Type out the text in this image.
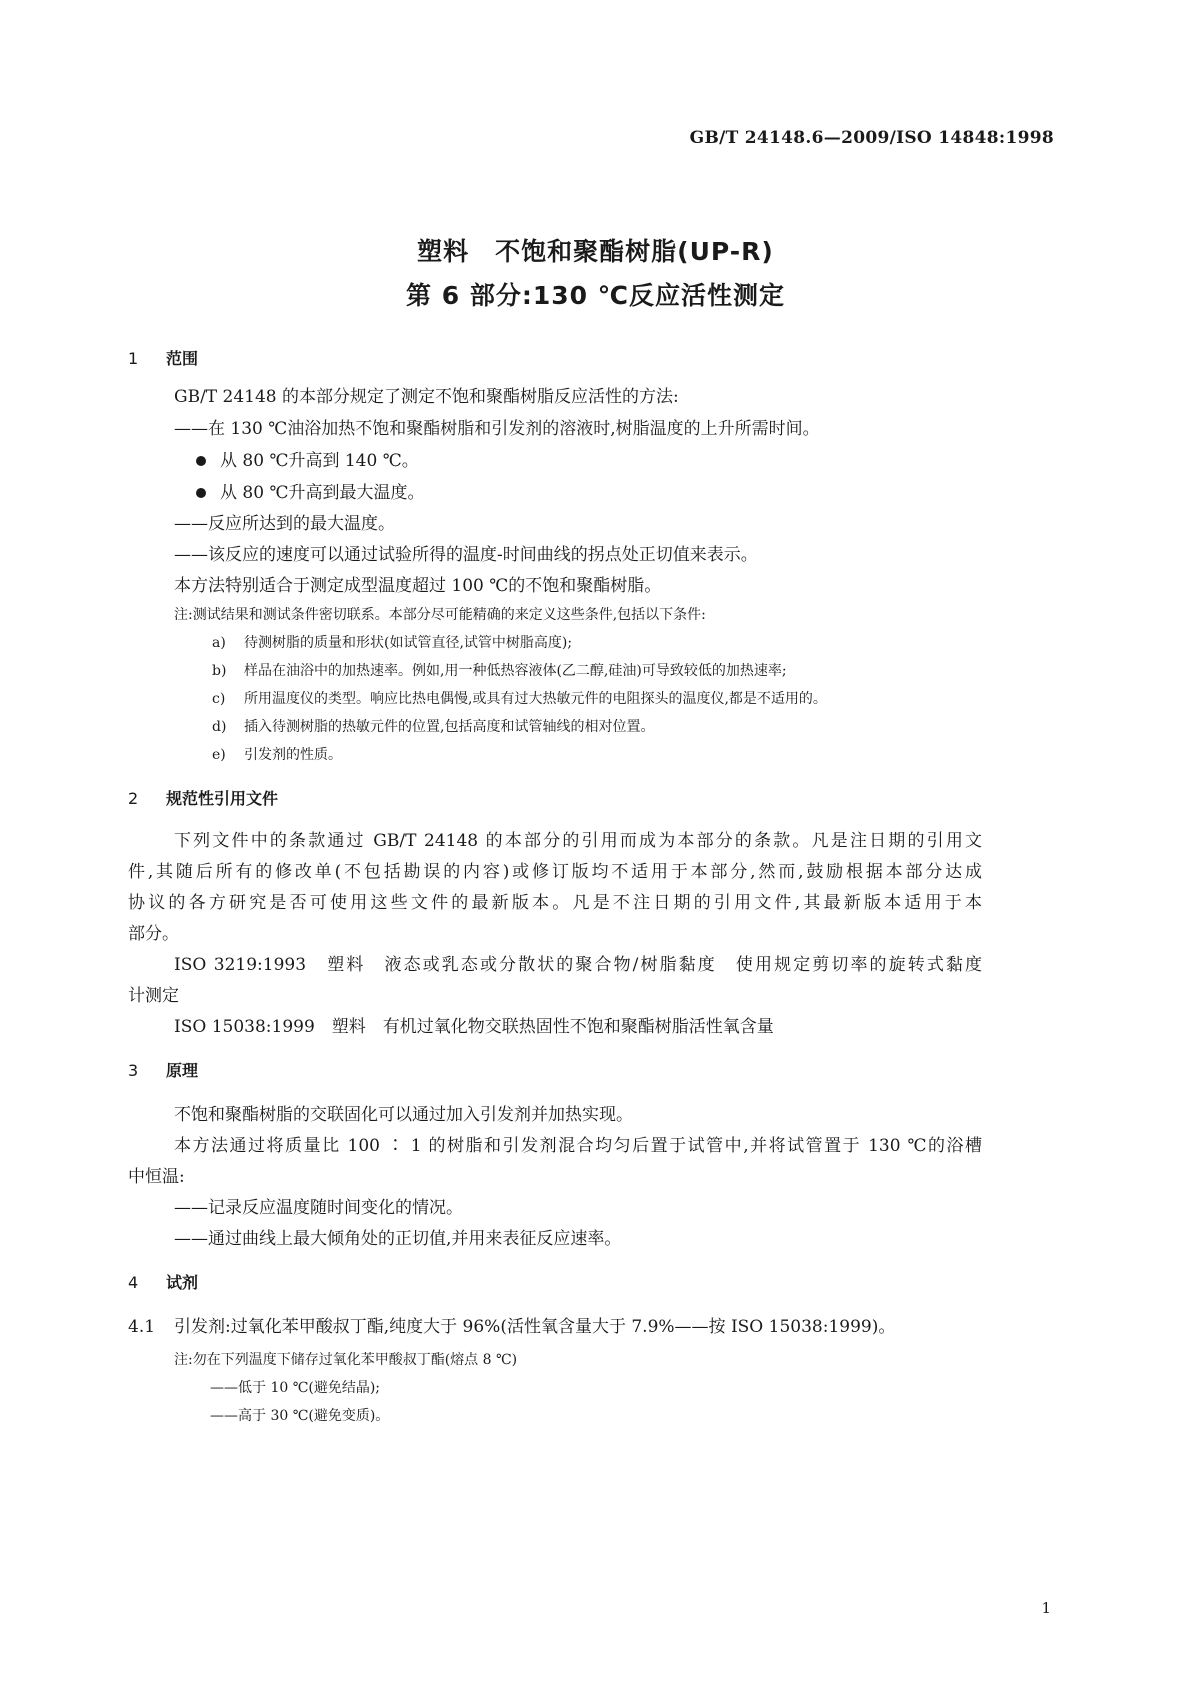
GB/T 24148.6—2009/ISO 14848:1998
塑料　不饱和聚酯树脂(UP-R)
第 6 部分:130 ℃反应活性测定
1 范围
GB/T 24148 的本部分规定了测定不饱和聚酯树脂反应活性的方法:
——在 130 ℃油浴加热不饱和聚酯树脂和引发剂的溶液时,树脂温度的上升所需时间。
从 80 ℃升高到 140 ℃。
从 80 ℃升高到最大温度。
——反应所达到的最大温度。
——该反应的速度可以通过试验所得的温度-时间曲线的拐点处正切值来表示。
本方法特别适合于测定成型温度超过 100 ℃的不饱和聚酯树脂。
注:测试结果和测试条件密切联系。本部分尽可能精确的来定义这些条件,包括以下条件:
a) 待测树脂的质量和形状(如试管直径,试管中树脂高度);
b) 样品在油浴中的加热速率。例如,用一种低热容液体(乙二醇,硅油)可导致较低的加热速率;
c) 所用温度仪的类型。响应比热电偶慢,或具有过大热敏元件的电阻探头的温度仪,都是不适用的。
d) 插入待测树脂的热敏元件的位置,包括高度和试管轴线的相对位置。
e) 引发剂的性质。
2 规范性引用文件
下列文件中的条款通过 GB/T 24148 的本部分的引用而成为本部分的条款。凡是注日期的引用文
件,其随后所有的修改单(不包括勘误的内容)或修订版均不适用于本部分,然而,鼓励根据本部分达成
协议的各方研究是否可使用这些文件的最新版本。凡是不注日期的引用文件,其最新版本适用于本
部分。
ISO 3219:1993　塑料　液态或乳态或分散状的聚合物/树脂黏度　使用规定剪切率的旋转式黏度
计测定
ISO 15038:1999　塑料　有机过氧化物交联热固性不饱和聚酯树脂活性氧含量
3 原理
不饱和聚酯树脂的交联固化可以通过加入引发剂并加热实现。
本方法通过将质量比 100 ∶ 1 的树脂和引发剂混合均匀后置于试管中,并将试管置于 130 ℃的浴槽
中恒温:
——记录反应温度随时间变化的情况。
——通过曲线上最大倾角处的正切值,并用来表征反应速率。
4 试剂
4.1 引发剂:过氧化苯甲酸叔丁酯,纯度大于 96%(活性氧含量大于 7.9%——按 ISO 15038:1999)。
注:勿在下列温度下储存过氧化苯甲酸叔丁酯(熔点 8 ℃)
——低于 10 ℃(避免结晶);
——高于 30 ℃(避免变质)。
1
